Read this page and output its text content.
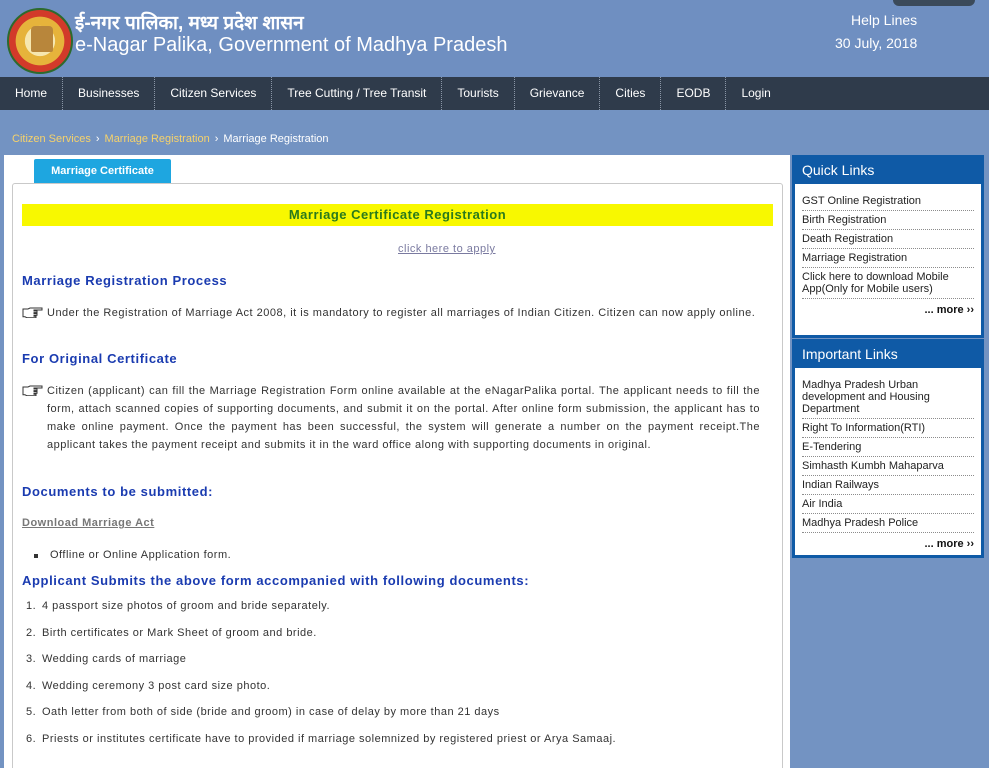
ई-नगर पालिका, मध्य प्रदेश शासन
e-Nagar Palika, Government of Madhya Pradesh
Help Lines
30 July, 2018
Home	Businesses	Citizen Services	Tree Cutting / Tree Transit	Tourists	Grievance	Cities	EODB	Login
Citizen Services › Marriage Registration › Marriage Registration
Marriage Certificate
Marriage Certificate Registration
click here to apply
Marriage Registration Process
Under the Registration of Marriage Act 2008, it is mandatory to register all marriages of Indian Citizen. Citizen can now apply online.
For Original Certificate
Citizen (applicant) can fill the Marriage Registration Form online available at the eNagarPalika portal. The applicant needs to fill the form, attach scanned copies of supporting documents, and submit it on the portal. After online form submission, the applicant has to make online payment. Once the payment has been successful, the system will generate a number on the payment receipt.The applicant takes the payment receipt and submits it in the ward office along with supporting documents in original.
Documents to be submitted:
Download Marriage Act
Offline or Online Application form.
Applicant Submits the above form accompanied with following documents:
1. 4 passport size photos of groom and bride separately.
2. Birth certificates or Mark Sheet of groom and bride.
3. Wedding cards of marriage
4. Wedding ceremony 3 post card size photo.
5. Oath letter from both of side (bride and groom) in case of delay by more than 21 days
6. Priests or institutes certificate have to provided if marriage solemnized by registered priest or Arya Samaaj.
Quick Links
GST Online Registration
Birth Registration
Death Registration
Marriage Registration
Click here to download Mobile App(Only for Mobile users)
... more ››
Important Links
Madhya Pradesh Urban development and Housing Department
Right To Information(RTI)
E-Tendering
Simhasth Kumbh Mahaparva
Indian Railways
Air India
Madhya Pradesh Police
... more ››
